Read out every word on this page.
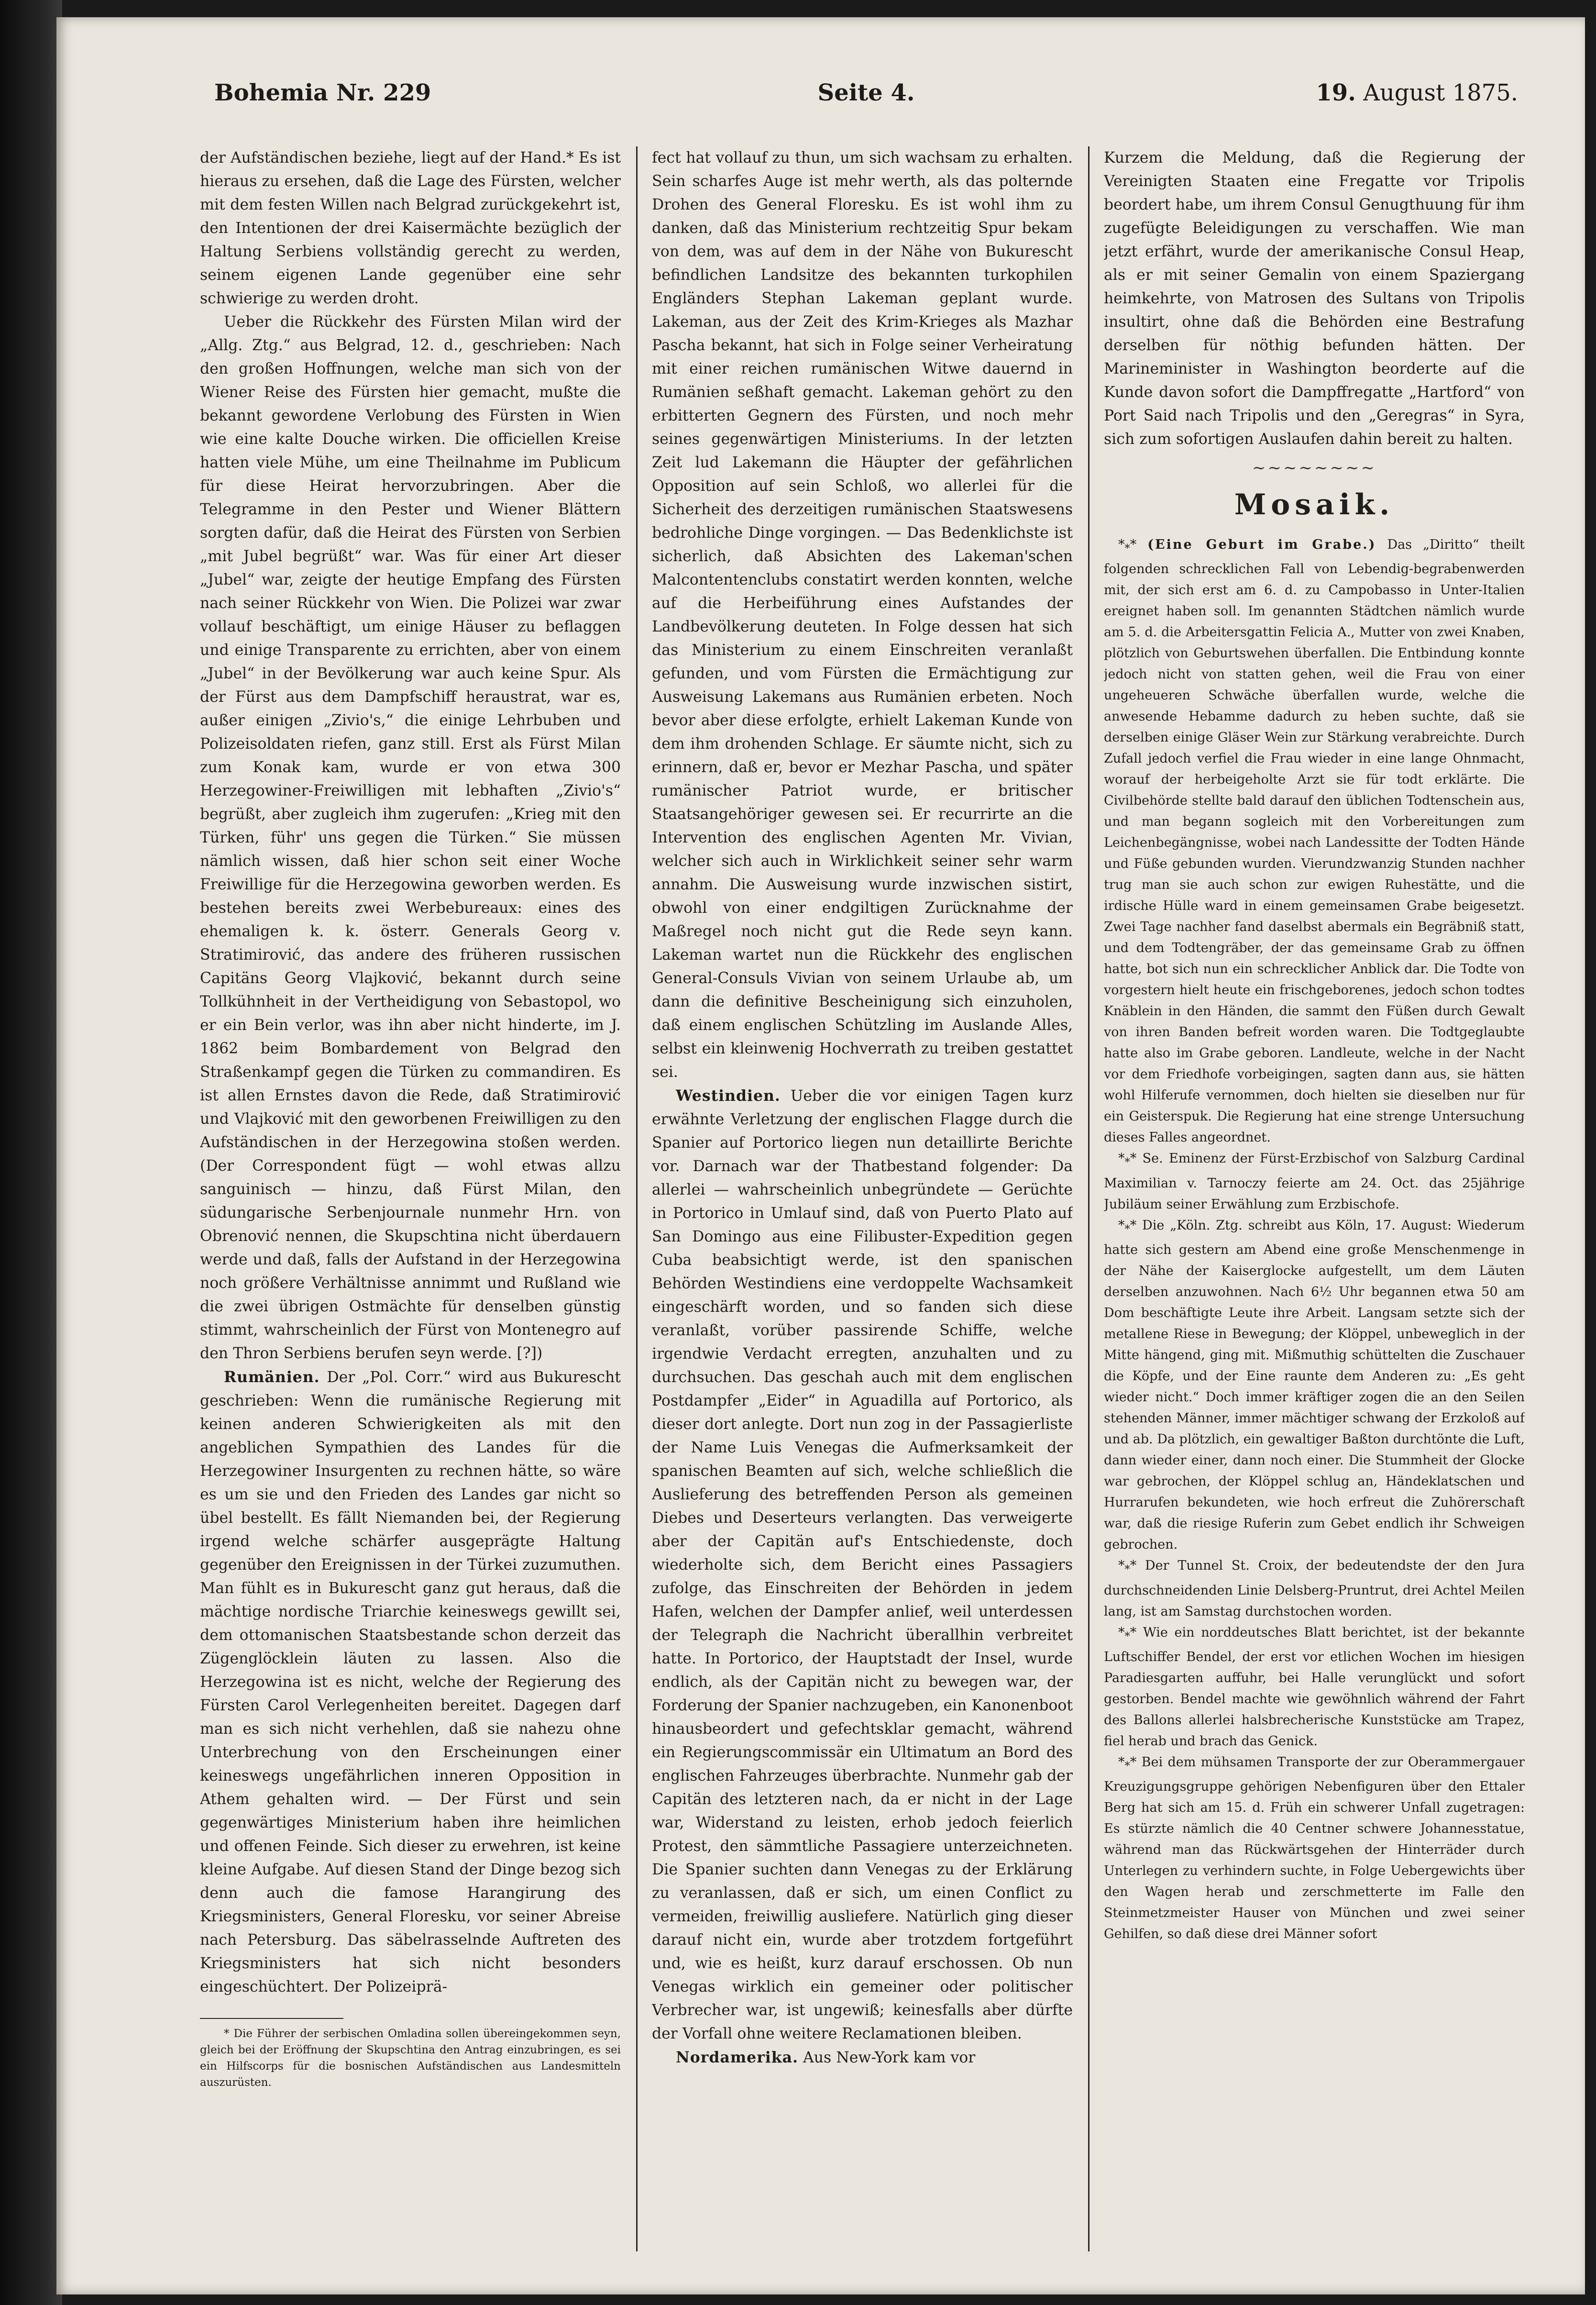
Bohemia Nr. 229	Seite 4.	19. August 1875.

der Aufständischen beziehe, liegt auf der Hand.* Es ist hieraus zu ersehen, daß die Lage des Fürsten, welcher mit dem festen Willen nach Belgrad zurückgekehrt ist, den Intentionen der drei Kaisermächte bezüglich der Haltung Serbiens vollständig gerecht zu werden, seinem eigenen Lande gegenüber eine sehr schwierige zu werden droht.

Ueber die Rückkehr des Fürsten Milan wird der „Allg. Ztg.“ aus Belgrad, 12. d., geschrieben: Nach den großen Hoffnungen, welche man sich von der Wiener Reise des Fürsten hier gemacht, mußte die bekannt gewordene Verlobung des Fürsten in Wien wie eine kalte Douche wirken. Die officiellen Kreise hatten viele Mühe, um eine Theilnahme im Publicum für diese Heirat hervorzubringen. Aber die Telegramme in den Pester und Wiener Blättern sorgten dafür, daß die Heirat des Fürsten von Serbien „mit Jubel begrüßt“ war. Was für einer Art dieser „Jubel“ war, zeigte der heutige Empfang des Fürsten nach seiner Rückkehr von Wien. Die Polizei war zwar vollauf beschäftigt, um einige Häuser zu beflaggen und einige Transparente zu errichten, aber von einem „Jubel“ in der Bevölkerung war auch keine Spur. Als der Fürst aus dem Dampfschiff heraustrat, war es, außer einigen „Zivio's,“ die einige Lehrbuben und Polizeisoldaten riefen, ganz still. Erst als Fürst Milan zum Konak kam, wurde er von etwa 300 Herzegowiner-Freiwilligen mit lebhaften „Zivio's“ begrüßt, aber zugleich ihm zugerufen: „Krieg mit den Türken, führ' uns gegen die Türken.“ Sie müssen nämlich wissen, daß hier schon seit einer Woche Freiwillige für die Herzegowina geworben werden. Es bestehen bereits zwei Werbebureaux: eines des ehemaligen k. k. österr. Generals Georg v. Stratimirović, das andere des früheren russischen Capitäns Georg Vlajković, bekannt durch seine Tollkühnheit in der Vertheidigung von Sebastopol, wo er ein Bein verlor, was ihn aber nicht hinderte, im J. 1862 beim Bombardement von Belgrad den Straßenkampf gegen die Türken zu commandiren. Es ist allen Ernstes davon die Rede, daß Stratimirović und Vlajković mit den geworbenen Freiwilligen zu den Aufständischen in der Herzegowina stoßen werden. (Der Correspondent fügt — wohl etwas allzu sanguinisch — hinzu, daß Fürst Milan, den südungarische Serbenjournale nunmehr Hrn. von Obrenović nennen, die Skupschtina nicht überdauern werde und daß, falls der Aufstand in der Herzegowina noch größere Verhältnisse annimmt und Rußland wie die zwei übrigen Ostmächte für denselben günstig stimmt, wahrscheinlich der Fürst von Montenegro auf den Thron Serbiens berufen seyn werde. [?])

Rumänien. Der „Pol. Corr.“ wird aus Bukurescht geschrieben: Wenn die rumänische Regierung mit keinen anderen Schwierigkeiten als mit den angeblichen Sympathien des Landes für die Herzegowiner Insurgenten zu rechnen hätte, so wäre es um sie und den Frieden des Landes gar nicht so übel bestellt. Es fällt Niemanden bei, der Regierung irgend welche schärfer ausgeprägte Haltung gegenüber den Ereignissen in der Türkei zuzumuthen. Man fühlt es in Bukurescht ganz gut heraus, daß die mächtige nordische Triarchie keineswegs gewillt sei, dem ottomanischen Staatsbestande schon derzeit das Zügenglöcklein läuten zu lassen. Also die Herzegowina ist es nicht, welche der Regierung des Fürsten Carol Verlegenheiten bereitet. Dagegen darf man es sich nicht verhehlen, daß sie nahezu ohne Unterbrechung von den Erscheinungen einer keineswegs ungefährlichen inneren Opposition in Athem gehalten wird. — Der Fürst und sein gegenwärtiges Ministerium haben ihre heimlichen und offenen Feinde. Sich dieser zu erwehren, ist keine kleine Aufgabe. Auf diesen Stand der Dinge bezog sich denn auch die famose Harangirung des Kriegsministers, General Floresku, vor seiner Abreise nach Petersburg. Das säbelrasselnde Auftreten des Kriegsministers hat sich nicht besonders eingeschüchtert. Der Polizeiprä-

* Die Führer der serbischen Omladina sollen übereingekommen seyn, gleich bei der Eröffnung der Skupschtina den Antrag einzubringen, es sei ein Hilfscorps für die bosnischen Aufständischen aus Landesmitteln auszurüsten.

fect hat vollauf zu thun, um sich wachsam zu erhalten. Sein scharfes Auge ist mehr werth, als das polternde Drohen des General Floresku. Es ist wohl ihm zu danken, daß das Ministerium rechtzeitig Spur bekam von dem, was auf dem in der Nähe von Bukurescht befindlichen Landsitze des bekannten turkophilen Engländers Stephan Lakeman geplant wurde. Lakeman, aus der Zeit des Krim-Krieges als Mazhar Pascha bekannt, hat sich in Folge seiner Verheiratung mit einer reichen rumänischen Witwe dauernd in Rumänien seßhaft gemacht. Lakeman gehört zu den erbitterten Gegnern des Fürsten, und noch mehr seines gegenwärtigen Ministeriums. In der letzten Zeit lud Lakemann die Häupter der gefährlichen Opposition auf sein Schloß, wo allerlei für die Sicherheit des derzeitigen rumänischen Staatswesens bedrohliche Dinge vorgingen. — Das Bedenklichste ist sicherlich, daß Absichten des Lakeman'schen Malcontentenclubs constatirt werden konnten, welche auf die Herbeiführung eines Aufstandes der Landbevölkerung deuteten. In Folge dessen hat sich das Ministerium zu einem Einschreiten veranlaßt gefunden, und vom Fürsten die Ermächtigung zur Ausweisung Lakemans aus Rumänien erbeten. Noch bevor aber diese erfolgte, erhielt Lakeman Kunde von dem ihm drohenden Schlage. Er säumte nicht, sich zu erinnern, daß er, bevor er Mezhar Pascha, und später rumänischer Patriot wurde, er britischer Staatsangehöriger gewesen sei. Er recurrirte an die Intervention des englischen Agenten Mr. Vivian, welcher sich auch in Wirklichkeit seiner sehr warm annahm. Die Ausweisung wurde inzwischen sistirt, obwohl von einer endgiltigen Zurücknahme der Maßregel noch nicht gut die Rede seyn kann. Lakeman wartet nun die Rückkehr des englischen General-Consuls Vivian von seinem Urlaube ab, um dann die definitive Bescheinigung sich einzuholen, daß einem englischen Schützling im Auslande Alles, selbst ein kleinwenig Hochverrath zu treiben gestattet sei.

Westindien. Ueber die vor einigen Tagen kurz erwähnte Verletzung der englischen Flagge durch die Spanier auf Portorico liegen nun detaillirte Berichte vor. Darnach war der Thatbestand folgender: Da allerlei — wahrscheinlich unbegründete — Gerüchte in Portorico in Umlauf sind, daß von Puerto Plato auf San Domingo aus eine Filibuster-Expedition gegen Cuba beabsichtigt werde, ist den spanischen Behörden Westindiens eine verdoppelte Wachsamkeit eingeschärft worden, und so fanden sich diese veranlaßt, vorüber passirende Schiffe, welche irgendwie Verdacht erregten, anzuhalten und zu durchsuchen. Das geschah auch mit dem englischen Postdampfer „Eider“ in Aguadilla auf Portorico, als dieser dort anlegte. Dort nun zog in der Passagierliste der Name Luis Venegas die Aufmerksamkeit der spanischen Beamten auf sich, welche schließlich die Auslieferung des betreffenden Person als gemeinen Diebes und Deserteurs verlangten. Das verweigerte aber der Capitän auf's Entschiedenste, doch wiederholte sich, dem Bericht eines Passagiers zufolge, das Einschreiten der Behörden in jedem Hafen, welchen der Dampfer anlief, weil unterdessen der Telegraph die Nachricht überallhin verbreitet hatte. In Portorico, der Hauptstadt der Insel, wurde endlich, als der Capitän nicht zu bewegen war, der Forderung der Spanier nachzugeben, ein Kanonenboot hinausbeordert und gefechtsklar gemacht, während ein Regierungscommissär ein Ultimatum an Bord des englischen Fahrzeuges überbrachte. Nunmehr gab der Capitän des letzteren nach, da er nicht in der Lage war, Widerstand zu leisten, erhob jedoch feierlich Protest, den sämmtliche Passagiere unterzeichneten. Die Spanier suchten dann Venegas zu der Erklärung zu veranlassen, daß er sich, um einen Conflict zu vermeiden, freiwillig ausliefere. Natürlich ging dieser darauf nicht ein, wurde aber trotzdem fortgeführt und, wie es heißt, kurz darauf erschossen. Ob nun Venegas wirklich ein gemeiner oder politischer Verbrecher war, ist ungewiß; keinesfalls aber dürfte der Vorfall ohne weitere Reclamationen bleiben.

Nordamerika. Aus New-York kam vor

Kurzem die Meldung, daß die Regierung der Vereinigten Staaten eine Fregatte vor Tripolis beordert habe, um ihrem Consul Genugthuung für ihm zugefügte Beleidigungen zu verschaffen. Wie man jetzt erfährt, wurde der amerikanische Consul Heap, als er mit seiner Gemalin von einem Spaziergang heimkehrte, von Matrosen des Sultans von Tripolis insultirt, ohne daß die Behörden eine Bestrafung derselben für nöthig befunden hätten. Der Marineminister in Washington beorderte auf die Kunde davon sofort die Dampffregatte „Hartford“ von Port Said nach Tripolis und den „Geregras“ in Syra, sich zum sofortigen Auslaufen dahin bereit zu halten.

~~~~~~~~
Mosaik.

$*_**$ (Eine Geburt im Grabe.) Das „Diritto“ theilt folgenden schrecklichen Fall von Lebendig-begrabenwerden mit, der sich erst am 6. d. zu Campobasso in Unter-Italien ereignet haben soll. Im genannten Städtchen nämlich wurde am 5. d. die Arbeitersgattin Felicia A., Mutter von zwei Knaben, plötzlich von Geburtswehen überfallen. Die Entbindung konnte jedoch nicht von statten gehen, weil die Frau von einer ungeheueren Schwäche überfallen wurde, welche die anwesende Hebamme dadurch zu heben suchte, daß sie derselben einige Gläser Wein zur Stärkung verabreichte. Durch Zufall jedoch verfiel die Frau wieder in eine lange Ohnmacht, worauf der herbeigeholte Arzt sie für todt erklärte. Die Civilbehörde stellte bald darauf den üblichen Todtenschein aus, und man begann sogleich mit den Vorbereitungen zum Leichenbegängnisse, wobei nach Landessitte der Todten Hände und Füße gebunden wurden. Vierundzwanzig Stunden nachher trug man sie auch schon zur ewigen Ruhestätte, und die irdische Hülle ward in einem gemeinsamen Grabe beigesetzt. Zwei Tage nachher fand daselbst abermals ein Begräbniß statt, und dem Todtengräber, der das gemeinsame Grab zu öffnen hatte, bot sich nun ein schrecklicher Anblick dar. Die Todte von vorgestern hielt heute ein frischgeborenes, jedoch schon todtes Knäblein in den Händen, die sammt den Füßen durch Gewalt von ihren Banden befreit worden waren. Die Todtgeglaubte hatte also im Grabe geboren. Landleute, welche in der Nacht vor dem Friedhofe vorbeigingen, sagten dann aus, sie hätten wohl Hilferufe vernommen, doch hielten sie dieselben nur für ein Geisterspuk. Die Regierung hat eine strenge Untersuchung dieses Falles angeordnet.

$*_**$ Se. Eminenz der Fürst-Erzbischof von Salzburg Cardinal Maximilian v. Tarnoczy feierte am 24. Oct. das 25jährige Jubiläum seiner Erwählung zum Erzbischofe.

$*_**$ Die „Köln. Ztg. schreibt aus Köln, 17. August: Wiederum hatte sich gestern am Abend eine große Menschenmenge in der Nähe der Kaiserglocke aufgestellt, um dem Läuten derselben anzuwohnen. Nach 6½ Uhr begannen etwa 50 am Dom beschäftigte Leute ihre Arbeit. Langsam setzte sich der metallene Riese in Bewegung; der Klöppel, unbeweglich in der Mitte hängend, ging mit. Mißmuthig schüttelten die Zuschauer die Köpfe, und der Eine raunte dem Anderen zu: „Es geht wieder nicht.“ Doch immer kräftiger zogen die an den Seilen stehenden Männer, immer mächtiger schwang der Erzkoloß auf und ab. Da plötzlich, ein gewaltiger Baßton durchtönte die Luft, dann wieder einer, dann noch einer. Die Stummheit der Glocke war gebrochen, der Klöppel schlug an, Händeklatschen und Hurrarufen bekundeten, wie hoch erfreut die Zuhörerschaft war, daß die riesige Ruferin zum Gebet endlich ihr Schweigen gebrochen.

$*_**$ Der Tunnel St. Croix, der bedeutendste der den Jura durchschneidenden Linie Delsberg-Pruntrut, drei Achtel Meilen lang, ist am Samstag durchstochen worden.

$*_**$ Wie ein norddeutsches Blatt berichtet, ist der bekannte Luftschiffer Bendel, der erst vor etlichen Wochen im hiesigen Paradiesgarten auffuhr, bei Halle verunglückt und sofort gestorben. Bendel machte wie gewöhnlich während der Fahrt des Ballons allerlei halsbrecherische Kunststücke am Trapez, fiel herab und brach das Genick.

$*_**$ Bei dem mühsamen Transporte der zur Oberammergauer Kreuzigungsgruppe gehörigen Nebenfiguren über den Ettaler Berg hat sich am 15. d. Früh ein schwerer Unfall zugetragen: Es stürzte nämlich die 40 Centner schwere Johannesstatue, während man das Rückwärtsgehen der Hinterräder durch Unterlegen zu verhindern suchte, in Folge Uebergewichts über den Wagen herab und zerschmetterte im Falle den Steinmetzmeister Hauser von München und zwei seiner Gehilfen, so daß diese drei Männer sofort
